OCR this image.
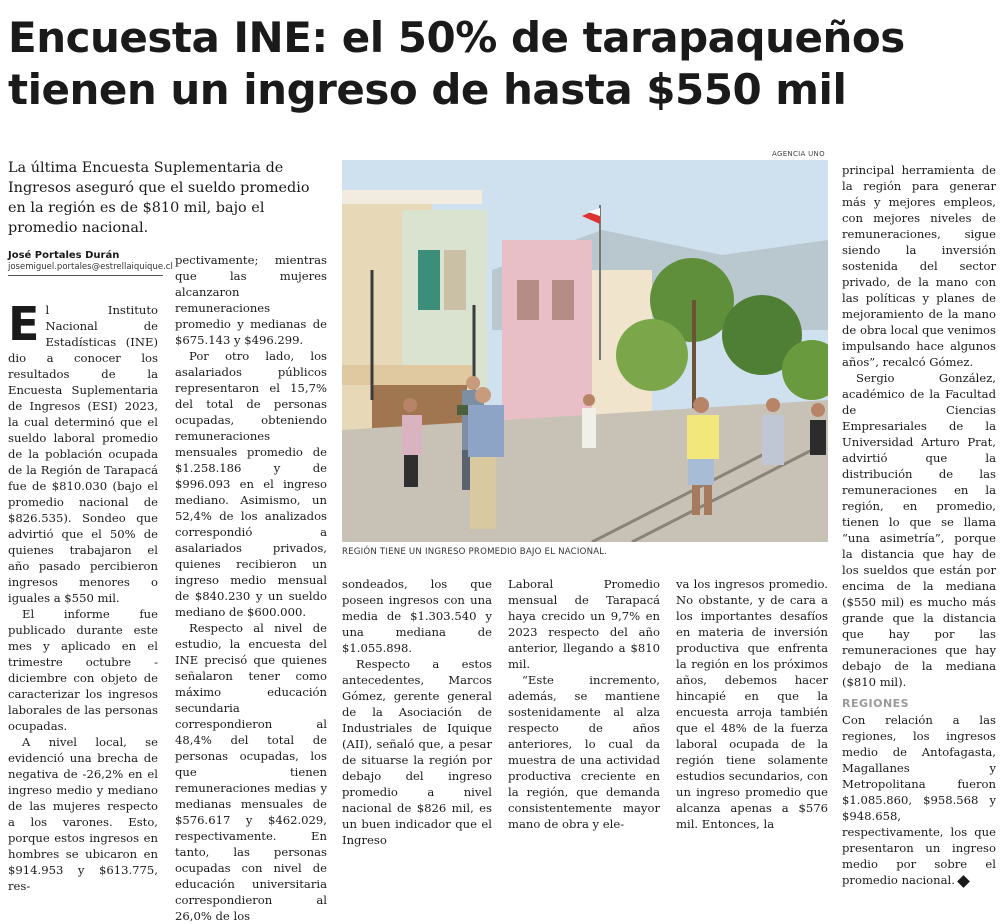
Encuesta INE: el 50% de tarapaqueños
tienen un ingreso de hasta $550 mil

La última Encuesta Suplementaria de Ingresos aseguró que el sueldo promedio en la región es de $810 mil, bajo el promedio nacional.

José Portales Durán
josemiguel.portales@estrellaiquique.cl

El Instituto Nacional de Estadísticas (INE) dio a conocer los resultados de la Encuesta Suplementaria de Ingresos (ESI) 2023, la cual determinó que el sueldo laboral promedio de la población ocupada de la Región de Tarapacá fue de $810.030 (bajo el promedio nacional de $826.535). Sondeo que advirtió que el 50% de quienes trabajaron el año pasado percibieron ingresos menores o iguales a $550 mil.

El informe fue publicado durante este mes y aplicado en el trimestre octubre - diciembre con objeto de caracterizar los ingresos laborales de las personas ocupadas.

A nivel local, se evidenció una brecha de negativa de -26,2% en el ingreso medio y mediano de las mujeres respecto a los varones. Esto, porque estos ingresos en hombres se ubicaron en $914.953 y $613.775, res-

pectivamente; mientras que las mujeres alcanzaron remuneraciones promedio y medianas de $675.143 y $496.299.

Por otro lado, los asalariados públicos representaron el 15,7% del total de personas ocupadas, obteniendo remuneraciones mensuales promedio de $1.258.186 y de $996.093 en el ingreso mediano. Asimismo, un 52,4% de los analizados correspondió a asalariados privados, quienes recibieron un ingreso medio mensual de $840.230 y un sueldo mediano de $600.000.

Respecto al nivel de estudio, la encuesta del INE precisó que quienes señalaron tener como máximo educación secundaria correspondieron al 48,4% del total de personas ocupadas, los que tienen remuneraciones medias y medianas mensuales de $576.617 y $462.029, respectivamente. En tanto, las personas ocupadas con nivel de educación universitaria correspondieron al 26,0% de los

AGENCIA UNO
REGIÓN TIENE UN INGRESO PROMEDIO BAJO EL NACIONAL.

sondeados, los que poseen ingresos con una media de $1.303.540 y una mediana de $1.055.898.

Respecto a estos antecedentes, Marcos Gómez, gerente general de la Asociación de Industriales de Iquique (AII), señaló que, a pesar de situarse la región por debajo del ingreso promedio a nivel nacional de $826 mil, es un buen indicador que el Ingreso

Laboral Promedio mensual de Tarapacá haya crecido un 9,7% en 2023 respecto del año anterior, llegando a $810 mil.

“Este incremento, además, se mantiene sostenidamente al alza respecto de años anteriores, lo cual da muestra de una actividad productiva creciente en la región, que demanda consistentemente mayor mano de obra y ele-

va los ingresos promedio. No obstante, y de cara a los importantes desafíos en materia de inversión productiva que enfrenta la región en los próximos años, debemos hacer hincapié en que la encuesta arroja también que el 48% de la fuerza laboral ocupada de la región tiene solamente estudios secundarios, con un ingreso promedio que alcanza apenas a $576 mil. Entonces, la

principal herramienta de la región para generar más y mejores empleos, con mejores niveles de remuneraciones, sigue siendo la inversión sostenida del sector privado, de la mano con las políticas y planes de mejoramiento de la mano de obra local que venimos impulsando hace algunos años”, recalcó Gómez.

Sergio González, académico de la Facultad de Ciencias Empresariales de la Universidad Arturo Prat, advirtió que la distribución de las remuneraciones en la región, en promedio, tienen lo que se llama “una asimetría”, porque la distancia que hay de los sueldos que están por encima de la mediana ($550 mil) es mucho más grande que la distancia que hay por las remuneraciones que hay debajo de la mediana ($810 mil).

REGIONES

Con relación a las regiones, los ingresos medio de Antofagasta, Magallanes y Metropolitana fueron $1.085.860, $958.568 y $948.658, respectivamente, los que presentaron un ingreso medio por sobre el promedio nacional.
